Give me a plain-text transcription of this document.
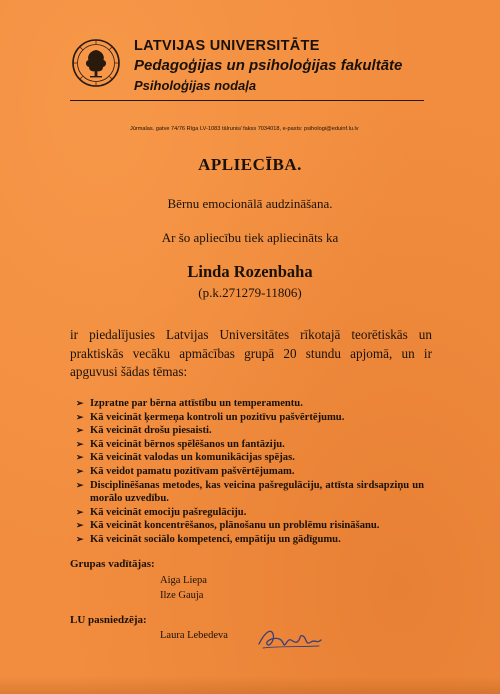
LATVIJAS UNIVERSITĀTE
Pedagoģijas un psiholoģijas fakultāte
Psiholoģijas nodaļa
Jūrmalas. gatve 74/76 Rīga LV-1083 tālrunis/ fakss 7034018, e-pasts: psihologi@eduinf.lu.lv
APLIECĪBA.
Bērnu emocionālā audzināšana.
Ar šo apliecību tiek apliecināts ka
Linda Rozenbaha
(p.k.271279-11806)
ir piedalījusies Latvijas Universitātes rīkotajā teorētiskās un praktiskās vecāku apmācības grupā 20 stundu apjomā, un ir apguvusi šādas tēmas:
➢ Izpratne par bērna attīstību un temperamentu.
➢ Kā veicināt ķermeņa kontroli un pozitīvu pašvērtējumu.
➢ Kā veicināt drošu piesaisti.
➢ Kā veicināt bērnos spēlēšanos un fantāziju.
➢ Kā veicināt valodas un komunikācijas spējas.
➢ Kā veidot pamatu pozitīvam pašvērtējumam.
➢ Disciplinēšanas metodes, kas veicina pašregulāciju, attīsta sirdsapziņu un morālo uzvedību.
➢ Kā veicināt emociju pašregulāciju.
➢ Kā veicināt koncentrēšanos, plānošanu un problēmu risināšanu.
➢ Kā veicināt sociālo kompetenci, empātiju un gādīgumu.
Grupas vadītājas:
Aiga Liepa
Ilze Gauja
LU pasniedzēja:
Laura Lebedeva
